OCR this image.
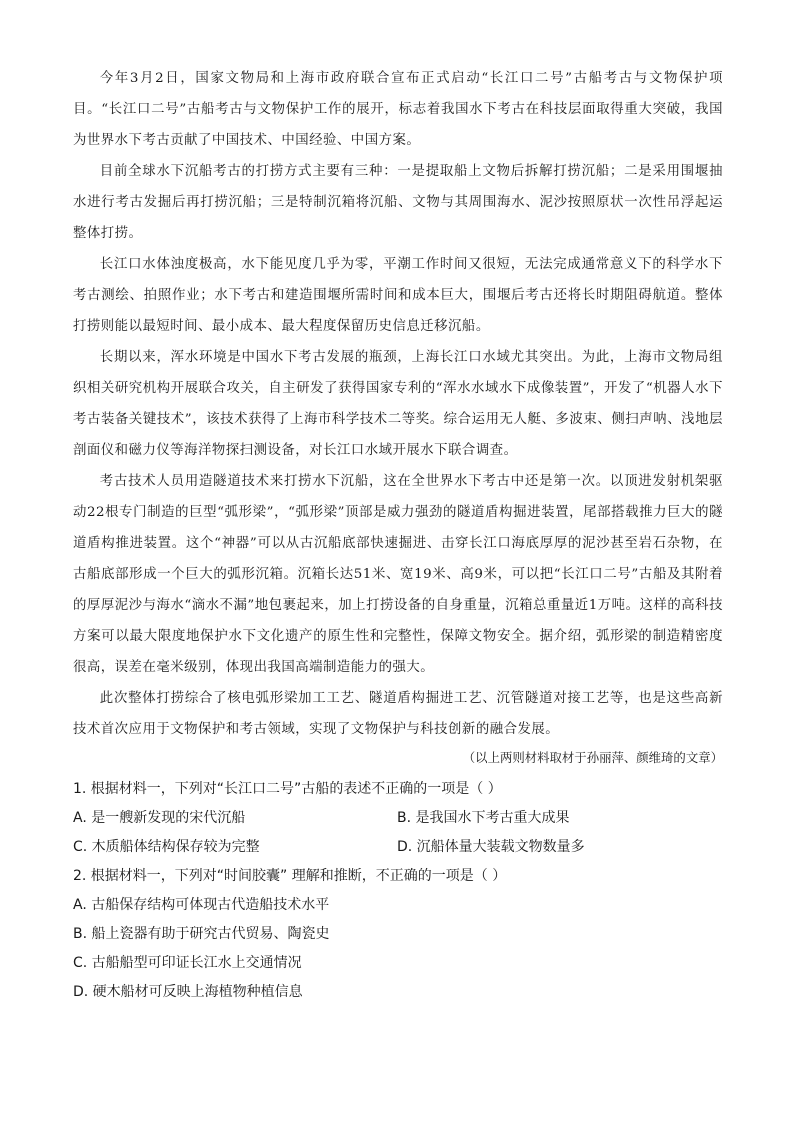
今年3月2日，国家文物局和上海市政府联合宣布正式启动“长江口二号”古船考古与文物保护项目。“长江口二号”古船考古与文物保护工作的展开，标志着我国水下考古在科技层面取得重大突破，我国为世界水下考古贡献了中国技术、中国经验、中国方案。

目前全球水下沉船考古的打捞方式主要有三种：一是提取船上文物后拆解打捞沉船；二是采用围堰抽水进行考古发掘后再打捞沉船；三是特制沉箱将沉船、文物与其周围海水、泥沙按照原状一次性吊浮起运整体打捞。

长江口水体浊度极高，水下能见度几乎为零，平潮工作时间又很短，无法完成通常意义下的科学水下考古测绘、拍照作业；水下考古和建造围堰所需时间和成本巨大，围堰后考古还将长时期阻碍航道。整体打捞则能以最短时间、最小成本、最大程度保留历史信息迁移沉船。

长期以来，浑水环境是中国水下考古发展的瓶颈，上海长江口水域尤其突出。为此，上海市文物局组织相关研究机构开展联合攻关，自主研发了获得国家专利的“浑水水域水下成像装置”，开发了“机器人水下考古装备关键技术”，该技术获得了上海市科学技术二等奖。综合运用无人艇、多波束、侧扫声呐、浅地层剖面仪和磁力仪等海洋物探扫测设备，对长江口水域开展水下联合调查。

考古技术人员用造隧道技术来打捞水下沉船，这在全世界水下考古中还是第一次。以顶进发射机架驱动22根专门制造的巨型“弧形梁”，“弧形梁”顶部是威力强劲的隧道盾构掘进装置，尾部搭载推力巨大的隧道盾构推进装置。这个“神器”可以从古沉船底部快速掘进、击穿长江口海底厚厚的泥沙甚至岩石杂物，在古船底部形成一个巨大的弧形沉箱。沉箱长达51米、宽19米、高9米，可以把“长江口二号”古船及其附着的厚厚泥沙与海水“滴水不漏”地包裹起来，加上打捞设备的自身重量，沉箱总重量近1万吨。这样的高科技方案可以最大限度地保护水下文化遗产的原生性和完整性，保障文物安全。据介绍，弧形梁的制造精密度很高，误差在毫米级别，体现出我国高端制造能力的强大。

此次整体打捞综合了核电弧形梁加工工艺、隧道盾构掘进工艺、沉管隧道对接工艺等，也是这些高新技术首次应用于文物保护和考古领域，实现了文物保护与科技创新的融合发展。

（以上两则材料取材于孙丽萍、颜维琦的文章）

1. 根据材料一，下列对“长江口二号”古船的表述不正确的一项是（ ）

A. 是一艘新发现的宋代沉船	B. 是我国水下考古重大成果

C. 木质船体结构保存较为完整	D. 沉船体量大装载文物数量多

2. 根据材料一，下列对“时间胶囊” 理解和推断，不正确的一项是（ ）

A. 古船保存结构可体现古代造船技术水平

B. 船上瓷器有助于研究古代贸易、陶瓷史

C. 古船船型可印证长江水上交通情况

D. 硬木船材可反映上海植物种植信息
